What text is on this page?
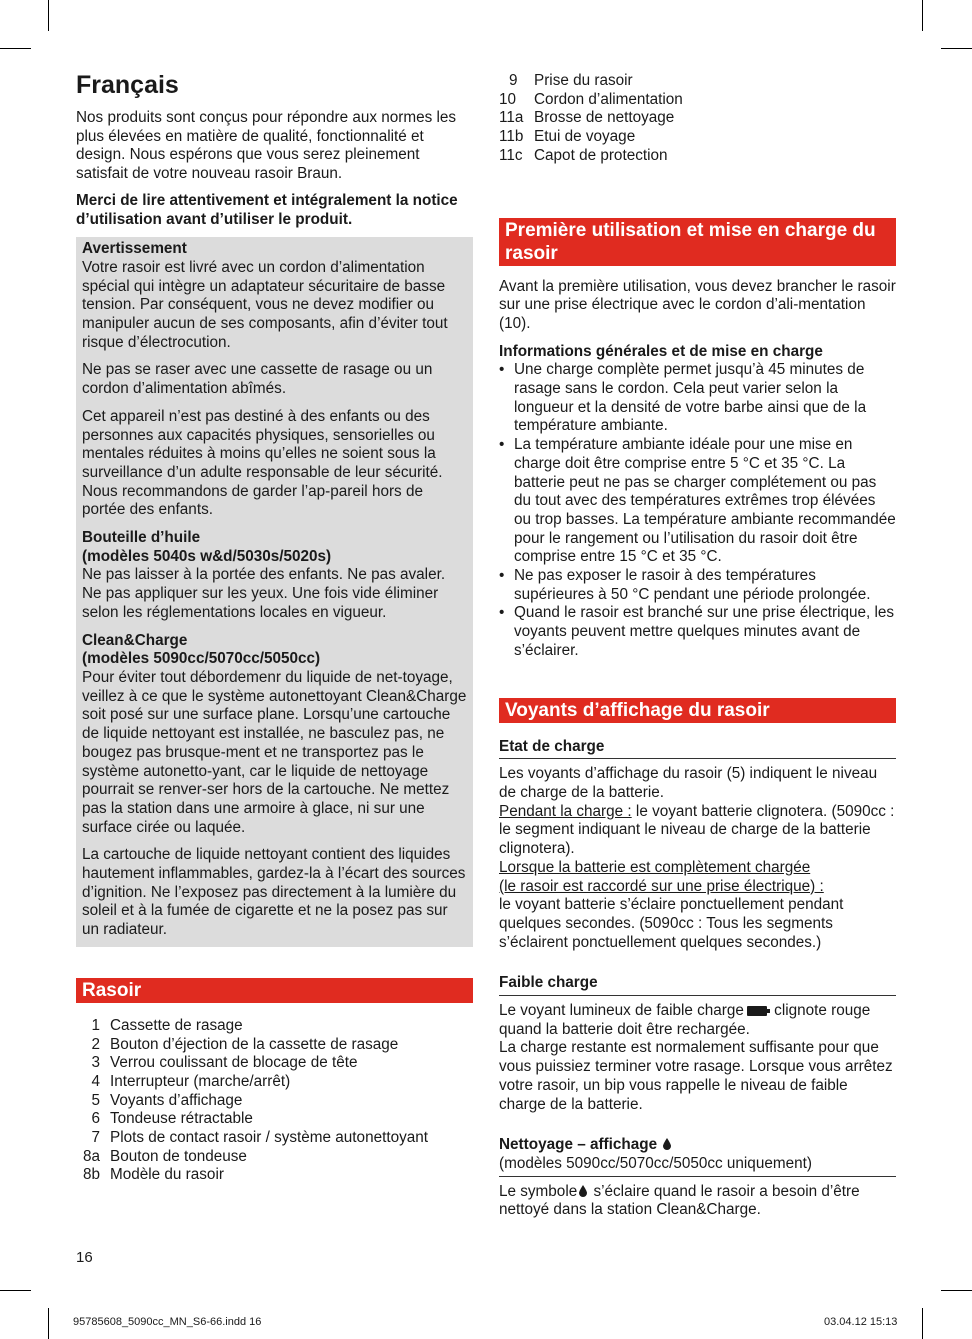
Français

Nos produits sont conçus pour répondre aux normes les plus élevées en matière de qualité, fonctionnalité et design. Nous espérons que vous serez pleinement satisfait de votre nouveau rasoir Braun.

Merci de lire attentivement et intégralement la notice d’utilisation avant d’utiliser le produit.

Avertissement
Votre rasoir est livré avec un cordon d’alimentation spécial qui intègre un adaptateur sécuritaire de basse tension. Par conséquent, vous ne devez modifier ou manipuler aucun de ses composants, afin d’éviter tout risque d’électrocution.
Ne pas se raser avec une cassette de rasage ou un cordon d’alimentation abîmés.
Cet appareil n’est pas destiné à des enfants ou des personnes aux capacités physiques, sensorielles ou mentales réduites à moins qu’elles ne soient sous la surveillance d’un adulte responsable de leur sécurité. Nous recommandons de garder l’ap-pareil hors de portée des enfants.
Bouteille d’huile
(modèles 5040s w&d/5030s/5020s)
Ne pas laisser à la portée des enfants. Ne pas avaler. Ne pas appliquer sur les yeux. Une fois vide éliminer selon les réglementations locales en vigueur.
Clean&Charge
(modèles 5090cc/5070cc/5050cc)
Pour éviter tout débordemenr du liquide de net-toyage, veillez à ce que le système autonettoyant Clean&Charge soit posé sur une surface plane. Lorsqu’une cartouche de liquide nettoyant est installée, ne basculez pas, ne bougez pas brusque-ment et ne transportez pas le système autonetto-yant, car le liquide de nettoyage pourrait se renver-ser hors de la cartouche. Ne mettez pas la station dans une armoire à glace, ni sur une surface cirée ou laquée.
La cartouche de liquide nettoyant contient des liquides hautement inflammables, gardez-la à l’écart des sources d’ignition. Ne l’exposez pas directement à la lumière du soleil et à la fumée de cigarette et ne la posez pas sur un radiateur.
Rasoir
1 Cassette de rasage
2 Bouton d’éjection de la cassette de rasage
3 Verrou coulissant de blocage de tête
4 Interrupteur (marche/arrêt)
5 Voyants d’affichage
6 Tondeuse rétractable
7 Plots de contact rasoir / système autonettoyant
8a Bouton de tondeuse
8b Modèle du rasoir
9	Prise du rasoir
10	Cordon d’alimentation
11a Brosse de nettoyage
11b Etui de voyage
11c Capot de protection
Première utilisation et mise en charge du rasoir

Avant la première utilisation, vous devez brancher le rasoir sur une prise électrique avec le cordon d’ali-mentation (10).

Informations générales et de mise en charge

• Une charge complète permet jusqu’à 45 minutes de rasage sans le cordon. Cela peut varier selon la longueur et la densité de votre barbe ainsi que de la température ambiante.
• La température ambiante idéale pour une mise en charge doit être comprise entre 5 °C et 35 °C. La batterie peut ne pas se charger complétement ou pas du tout avec des températures extrêmes trop élévées ou trop basses. La température ambiante recommandée pour le rangement ou l’utilisation du rasoir doit être comprise entre 15 °C et 35 °C.
• Ne pas exposer le rasoir à des températures supérieures à 50 °C pendant une période prolongée.
• Quand le rasoir est branché sur une prise électrique, les voyants peuvent mettre quelques minutes avant de s’éclairer.
Voyants d’affichage du rasoir
Etat de charge

Les voyants d’affichage du rasoir (5) indiquent le niveau de charge de la batterie.

Pendant la charge : le voyant batterie clignotera. (5090cc : le segment indiquant le niveau de charge de la batterie clignotera).

Lorsque la batterie est complètement chargée
(le rasoir est raccordé sur une prise électrique) :
le voyant batterie s’éclaire ponctuellement pendant quelques secondes. (5090cc : Tous les segments s’éclairent ponctuellement quelques secondes.)

Faible charge

Le voyant lumineux de faible charge clignote rouge quand la batterie doit être rechargée.

La charge restante est normalement suffisante pour que vous puissiez terminer votre rasage. Lorsque vous arrêtez votre rasoir, un bip vous rappelle le niveau de faible charge de la batterie.

Nettoyage – affichage
(modèles 5090cc/5070cc/5050cc uniquement)

Le symbole s’éclaire quand le rasoir a besoin d’être nettoyé dans la station Clean&Charge.

16
95785608_5090cc_MN_S6-66.indd 16	03.04.12 15:13
